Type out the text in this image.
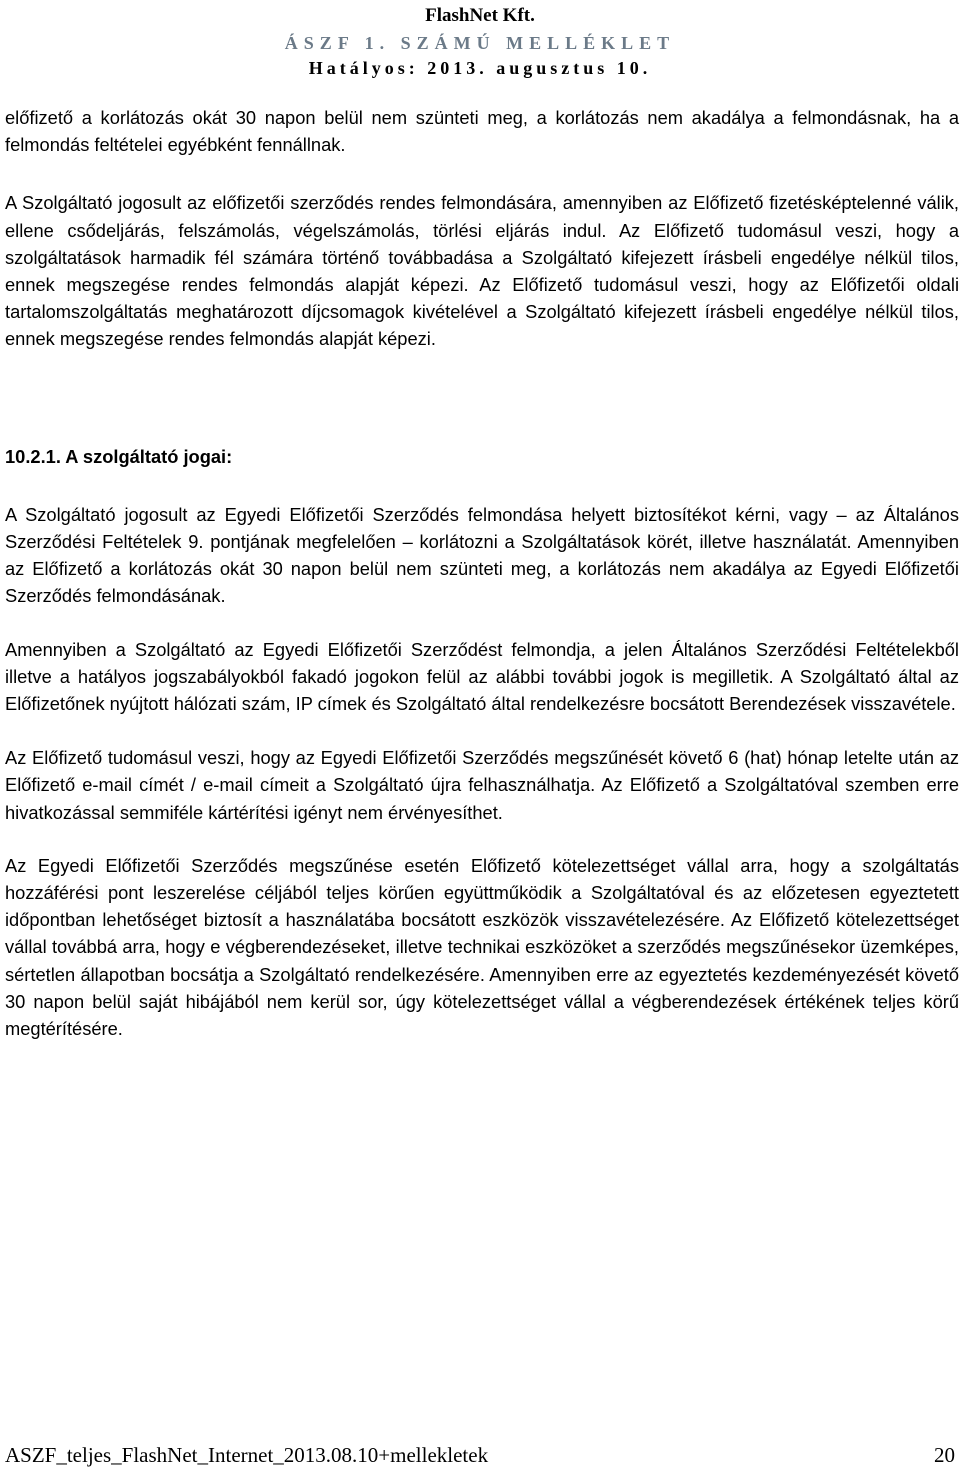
FlashNet Kft.
ÁSZF 1. SZÁMÚ MELLÉKLET
Hatályos: 2013. augusztus 10.

előfizető a korlátozás okát 30 napon belül nem szünteti meg, a korlátozás nem akadálya a felmondásnak, ha a felmondás feltételei egyébként fennállnak.

A Szolgáltató jogosult az előfizetői szerződés rendes felmondására, amennyiben az Előfizető fizetésképtelenné válik, ellene csődeljárás, felszámolás, végelszámolás, törlési eljárás indul. Az Előfizető tudomásul veszi, hogy a szolgáltatások harmadik fél számára történő továbbadása a Szolgáltató kifejezett írásbeli engedélye nélkül tilos, ennek megszegése rendes felmondás alapját képezi. Az Előfizető tudomásul veszi, hogy az Előfizetői oldali tartalomszolgáltatás meghatározott díjcsomagok kivételével a Szolgáltató kifejezett írásbeli engedélye nélkül tilos, ennek megszegése rendes felmondás alapját képezi.

10.2.1. A szolgáltató jogai:

A Szolgáltató jogosult az Egyedi Előfizetői Szerződés felmondása helyett biztosítékot kérni, vagy – az Általános Szerződési Feltételek 9. pontjának megfelelően – korlátozni a Szolgáltatások körét, illetve használatát. Amennyiben az Előfizető a korlátozás okát 30 napon belül nem szünteti meg, a korlátozás nem akadálya az Egyedi Előfizetői Szerződés felmondásának.

Amennyiben a Szolgáltató az Egyedi Előfizetői Szerződést felmondja, a jelen Általános Szerződési Feltételekből illetve a hatályos jogszabályokból fakadó jogokon felül az alábbi további jogok is megilletik. A Szolgáltató által az Előfizetőnek nyújtott hálózati szám, IP címek és Szolgáltató által rendelkezésre bocsátott Berendezések visszavétele.

Az Előfizető tudomásul veszi, hogy az Egyedi Előfizetői Szerződés megszűnését követő 6 (hat) hónap letelte után az Előfizető e-mail címét / e-mail címeit a Szolgáltató újra felhasználhatja. Az Előfizető a Szolgáltatóval szemben erre hivatkozással semmiféle kártérítési igényt nem érvényesíthet.

Az Egyedi Előfizetői Szerződés megszűnése esetén Előfizető kötelezettséget vállal arra, hogy a szolgáltatás hozzáférési pont leszerelése céljából teljes körűen együttműködik a Szolgáltatóval és az előzetesen egyeztetett időpontban lehetőséget biztosít a használatába bocsátott eszközök visszavételezésére. Az Előfizető kötelezettséget vállal továbbá arra, hogy e végberendezéseket, illetve technikai eszközöket a szerződés megszűnésekor üzemképes, sértetlen állapotban bocsátja a Szolgáltató rendelkezésére. Amennyiben erre az egyeztetés kezdeményezését követő 30 napon belül saját hibájából nem kerül sor, úgy kötelezettséget vállal a végberendezések értékének teljes körű megtérítésére.

ASZF_teljes_FlashNet_Internet_2013.08.10+mellekletek	20
